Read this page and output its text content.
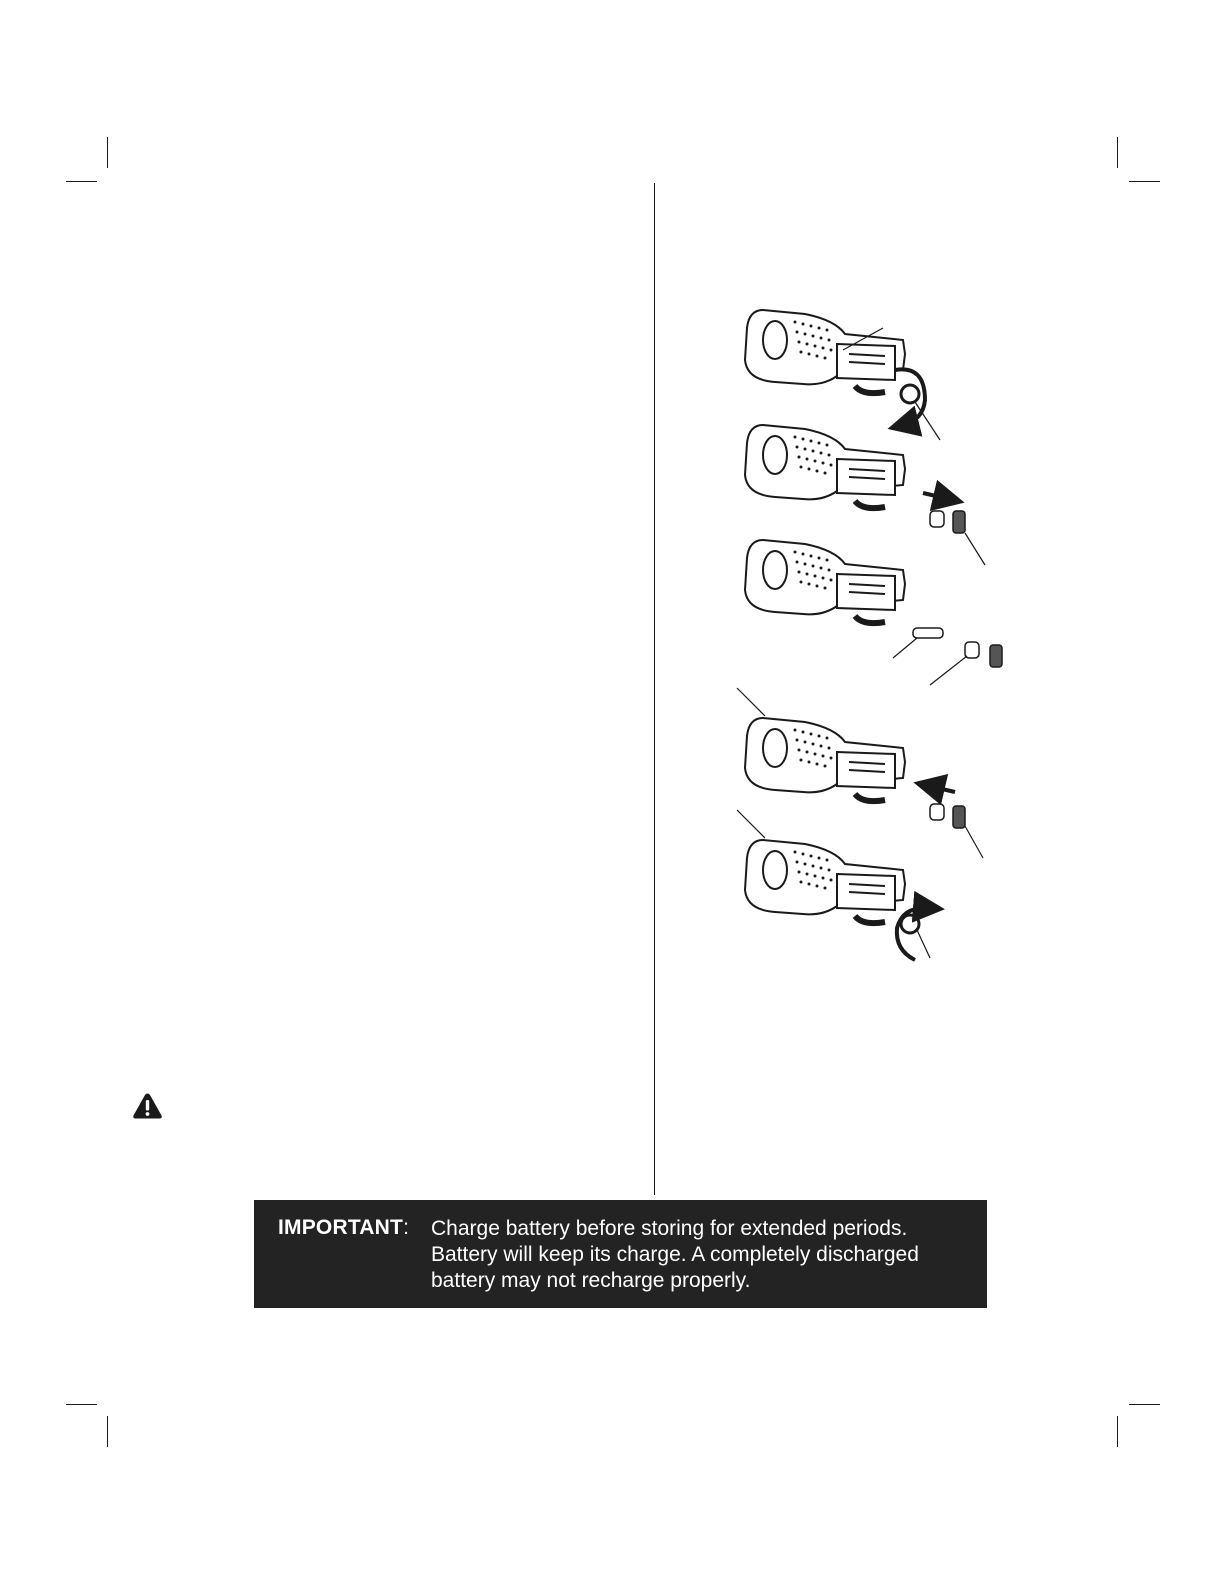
IMPORTANT: Charge battery before storing for extended periods.
Battery will keep its charge. A completely discharged
battery may not recharge properly.
